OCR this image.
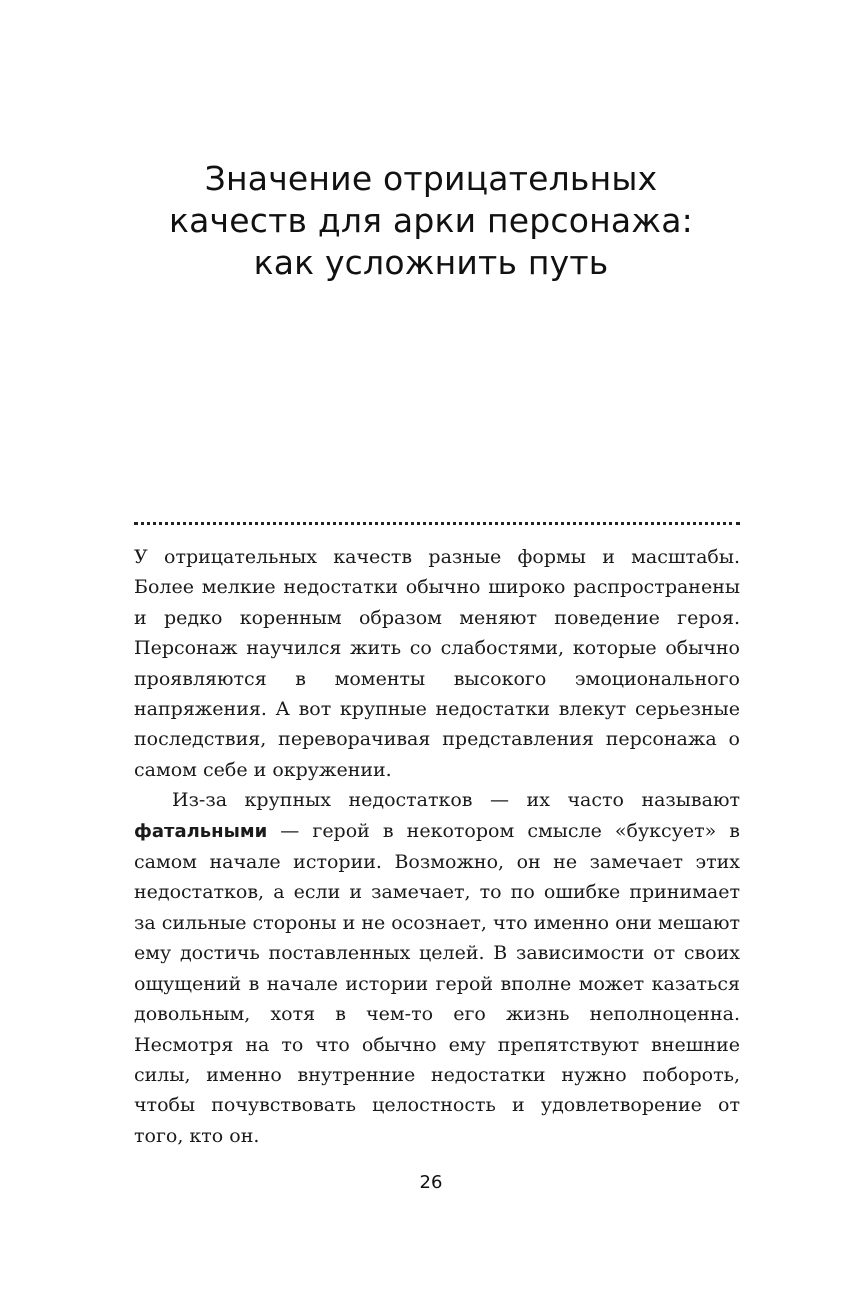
Значение отрицательных
качеств для арки персонажа:
как усложнить путь

У отрицательных качеств разные формы и масштабы. Более мелкие недостатки обычно широко распространены и редко коренным образом меняют поведение героя. Персонаж научился жить со слабостями, которые обычно проявляются в моменты высокого эмоционального напряжения. А вот крупные недостатки влекут серьезные последствия, переворачивая представления персонажа о самом себе и окружении.

Из-за крупных недостатков — их часто называют фатальными — герой в некотором смысле «буксует» в самом начале истории. Возможно, он не замечает этих недостатков, а если и замечает, то по ошибке принимает за сильные стороны и не осознает, что именно они мешают ему достичь поставленных целей. В зависимости от своих ощущений в начале истории герой вполне может казаться довольным, хотя в чем-то его жизнь неполноценна. Несмотря на то что обычно ему препятствуют внешние силы, именно внутренние недостатки нужно побороть, чтобы почувствовать целостность и удовлетворение от того, кто он.

26
